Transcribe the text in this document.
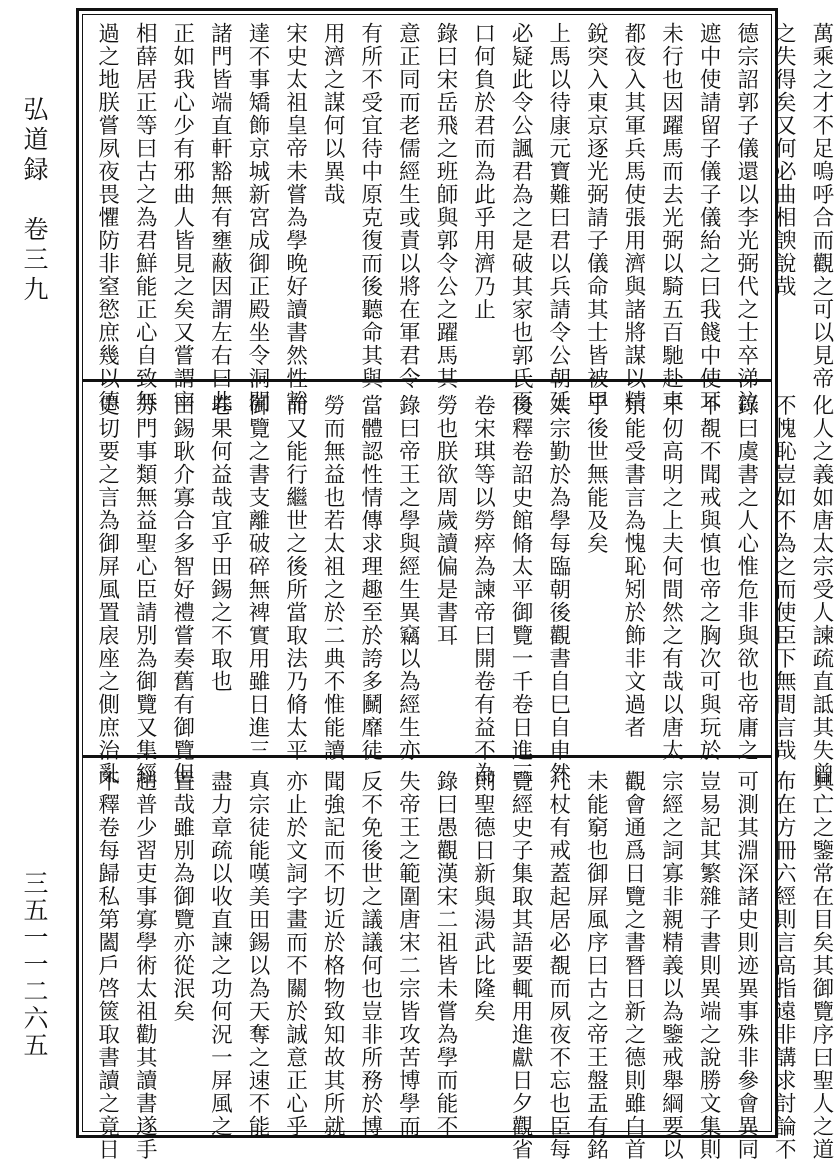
弘道録　卷三九
三五一一二六五
萬乘之才不足嗚呼合而觀之可以見帝
之失得矣又何必曲相諛說哉
德宗詔郭子儀還以李光弼代之士卒涕泣
遮中使請留子儀子儀紿之曰我餞中使耳
未行也因躍馬而去光弼以騎五百馳赴東
都夜入其軍兵馬使張用濟與諸將謀以精
銳突入東京逐光弼請子儀命其士皆被甲
上馬以待康元寶難曰君以兵請令公朝廷
必疑此令公諷君為之是破其家也郭氏百
口何負於君而為此乎用濟乃止
錄曰宋岳飛之班師與郭令公之躍馬其
意正同而老儒經生或責以將在軍君令
有所不受宜待中原克復而後聽命其與
用濟之謀何以異哉
宋史太祖皇帝未嘗為學晚好讀書然性豁
達不事矯飾京城新宮成御正殿坐令洞開
諸門皆端直軒豁無有壅蔽因謂左右曰此
正如我心少有邪曲人皆見之矣又嘗謂宰
相薛居正等曰古之為君鮮能正心自致無
過之地朕嘗夙夜畏懼防非窒慾庶幾以德
化人之義如唐太宗受人諫疏直詆其失曾
不愧恥豈如不為之而使臣下無間言哉
錄曰虞書之人心惟危非與欲也帝庸之
不覩不聞戒與慎也帝之胸次可與玩於
千仞高明之上夫何間然之有哉以唐太
宗能受書言為愧恥矧於飾非文過者
乎後世無能及矣
太宗勤於為學每臨朝後觀書自巳自申然
後釋卷詔史館脩太平御覽一千卷日進三
卷宋琪等以勞瘁為諫帝曰開卷有益不為
勞也朕欲周歲讀偏是書耳
錄曰帝王之學與經生異竊以為經生亦
當體認性情傳求理趣至於誇多鬭靡徒
勞而無益也若太祖之於二典不惟能讀
而又能行繼世之後所當取法乃脩太平
御覽之書支離破碎無裨實用雖日進三
卷果何益哉宜乎田錫之不取也
田錫耿介寡合多智好禮嘗奏舊有御覽但
分門事類無益聖心臣請別為御覽又集經
史切要之言為御屏風置扆座之側庶治亂
興亡之鑒常在目矣其御覽序曰聖人之道
布在方冊六經則言高指遠非講求討論不
可測其淵深諸史則迹異事殊非參會異同
豈易記其繁雜子書則異端之說勝文集則
宗經之詞寡非親精義以為鑒戒舉綱要以
觀會通爲日覽之書朁日新之德則雖白首
未能窮也御屏風序曰古之帝王盤盂有銘
几杖有戒蓋起居必覩而夙夜不忘也臣每
覽經史子集取其語要輒用進獻日夕觀省
則聖德日新與湯武比隆矣
錄曰愚觀漢宋二祖皆未嘗為學而能不
失帝王之範圍唐宋二宗皆攻苦博學而
反不免後世之議議何也豈非所務於博
聞強記而不切近於格物致知故其所就
亦止於文詞字畫而不關於誠意正心乎
真宗徒能嘆美田錫以為天奪之速不能
盡力章疏以收直諫之功何況一屏風之
置哉雖別為御覽亦從泯矣
趙普少習吏事寡學術太祖勸其讀書遂手
不釋卷每歸私第闔戶啓篋取書讀之竟日
